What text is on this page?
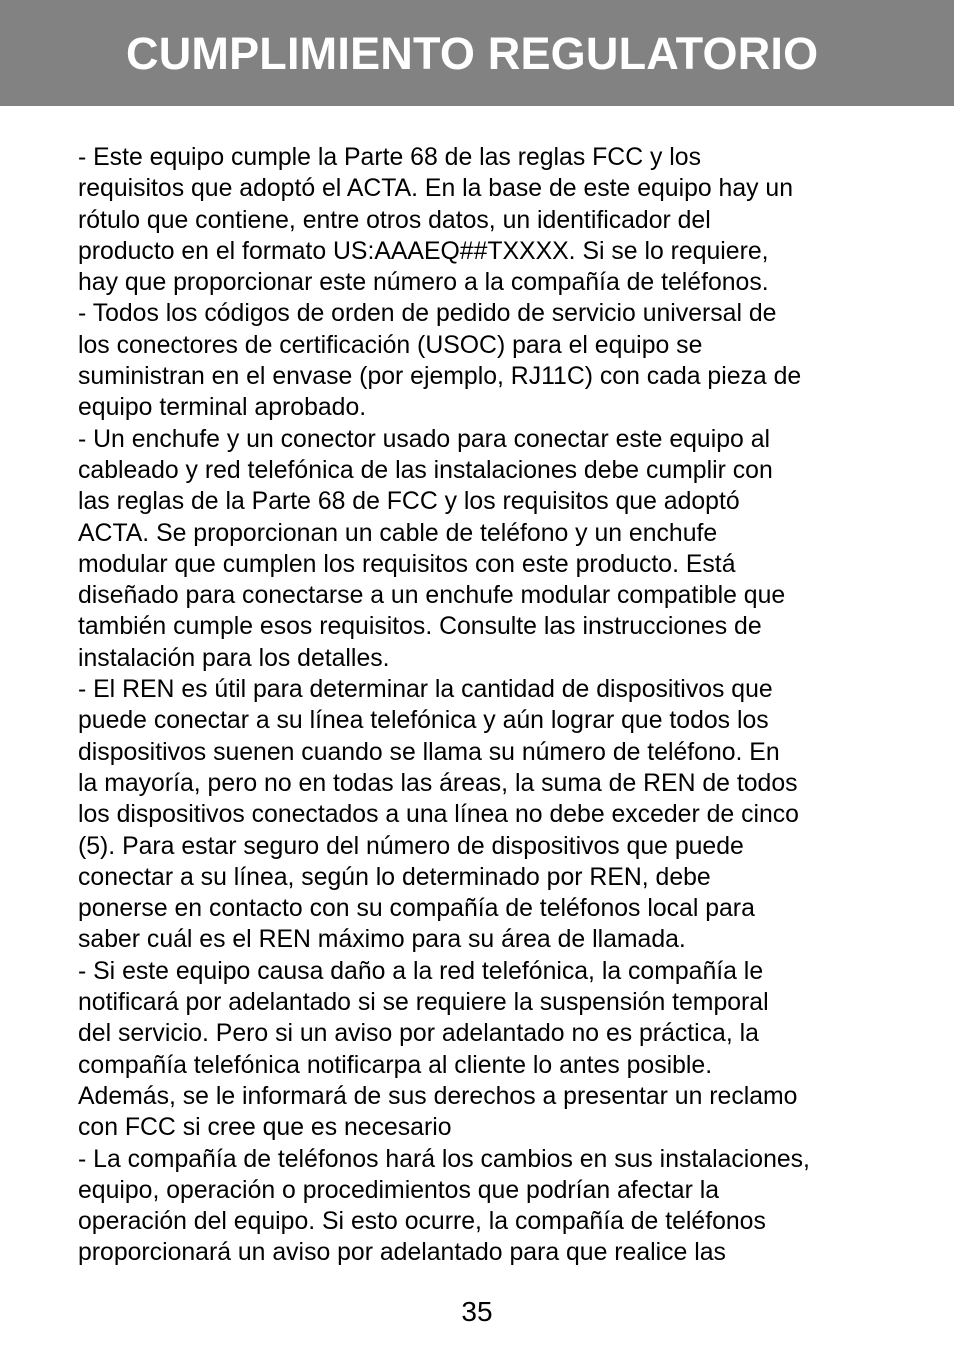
CUMPLIMIENTO REGULATORIO

- Este equipo cumple la Parte 68 de las reglas FCC y los
requisitos que adoptó el ACTA. En la base de este equipo hay un
rótulo que contiene, entre otros datos, un identificador del
producto en el formato US:AAAEQ##TXXXX. Si se lo requiere,
hay que proporcionar este número a la compañía de teléfonos.

- Todos los códigos de orden de pedido de servicio universal de
los conectores de certificación (USOC) para el equipo se
suministran en el envase (por ejemplo, RJ11C) con cada pieza de
equipo terminal aprobado.

- Un enchufe y un conector usado para conectar este equipo al
cableado y red telefónica de las instalaciones debe cumplir con
las reglas de la Parte 68 de FCC y los requisitos que adoptó
ACTA. Se proporcionan un cable de teléfono y un enchufe
modular que cumplen los requisitos con este producto. Está
diseñado para conectarse a un enchufe modular compatible que
también cumple esos requisitos. Consulte las instrucciones de
instalación para los detalles.

- El REN es útil para determinar la cantidad de dispositivos que
puede conectar a su línea telefónica y aún lograr que todos los
dispositivos suenen cuando se llama su número de teléfono. En
la mayoría, pero no en todas las áreas, la suma de REN de todos
los dispositivos conectados a una línea no debe exceder de cinco
(5). Para estar seguro del número de dispositivos que puede
conectar a su línea, según lo determinado por REN, debe
ponerse en contacto con su compañía de teléfonos local para
saber cuál es el REN máximo para su área de llamada.

- Si este equipo causa daño a la red telefónica, la compañía le
notificará por adelantado si se requiere la suspensión temporal
del servicio. Pero si un aviso por adelantado no es práctica, la
compañía telefónica notificarpa al cliente lo antes posible.
Además, se le informará de sus derechos a presentar un reclamo
con FCC si cree que es necesario

- La compañía de teléfonos hará los cambios en sus instalaciones,
equipo, operación o procedimientos que podrían afectar la
operación del equipo. Si esto ocurre, la compañía de teléfonos
proporcionará un aviso por adelantado para que realice las

35
